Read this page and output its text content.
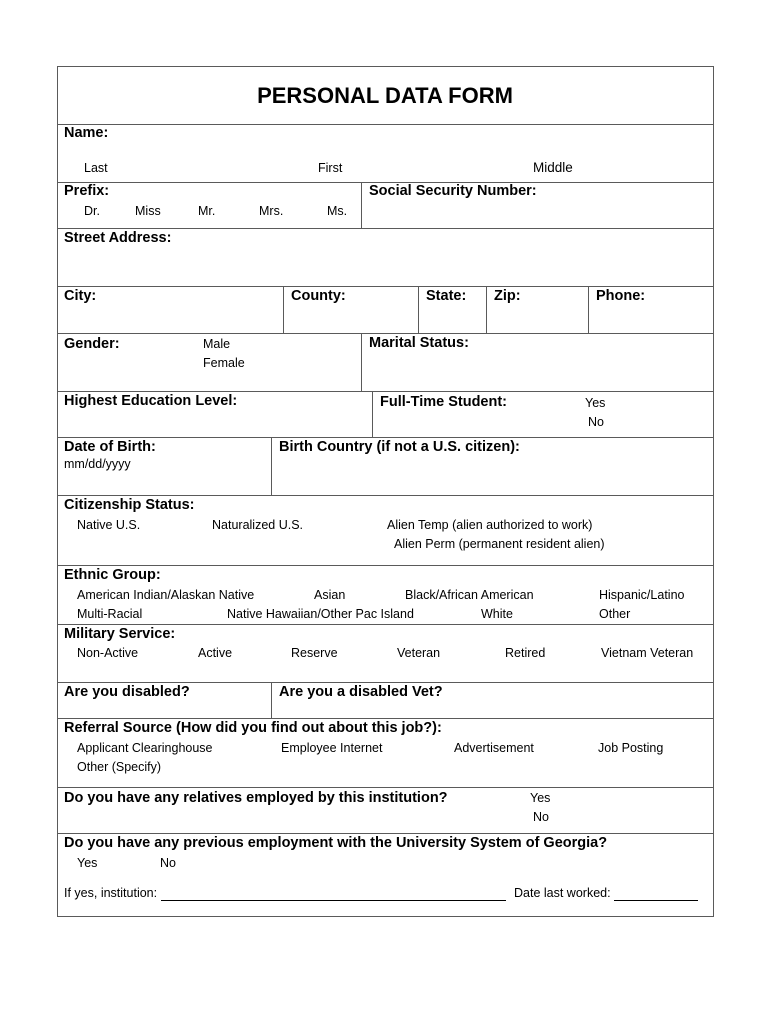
PERSONAL DATA FORM
Name:
Last	First	Middle
Prefix:
Dr.	Miss	Mr.	Mrs.	Ms.
Social Security Number:
Street Address:
City:	County:	State: Zip:	Phone:
Gender:	Male
Female
Marital Status:
Highest Education Level:	Full-Time Student:	Yes
No
Date of Birth:
mm/dd/yyyy
Birth Country (if not a U.S. citizen):
Citizenship Status:
Native U.S.	Naturalized U.S.	Alien Temp (alien authorized to work)
Alien Perm (permanent resident alien)
Ethnic Group:
American Indian/Alaskan Native	Asian	Black/African American	Hispanic/Latino
Multi-Racial	Native Hawaiian/Other Pac Island	White	Other
Military Service:
Non-Active	Active	Reserve	Veteran	Retired	Vietnam Veteran
Are you disabled?	Are you a disabled Vet?
Referral Source (How did you find out about this job?):
Applicant Clearinghouse	Employee Internet	Advertisement	Job Posting
Other (Specify)
Do you have any relatives employed by this institution?	Yes
No
Do you have any previous employment with the University System of Georgia?
Yes	No
If yes, institution:	Date last worked:
